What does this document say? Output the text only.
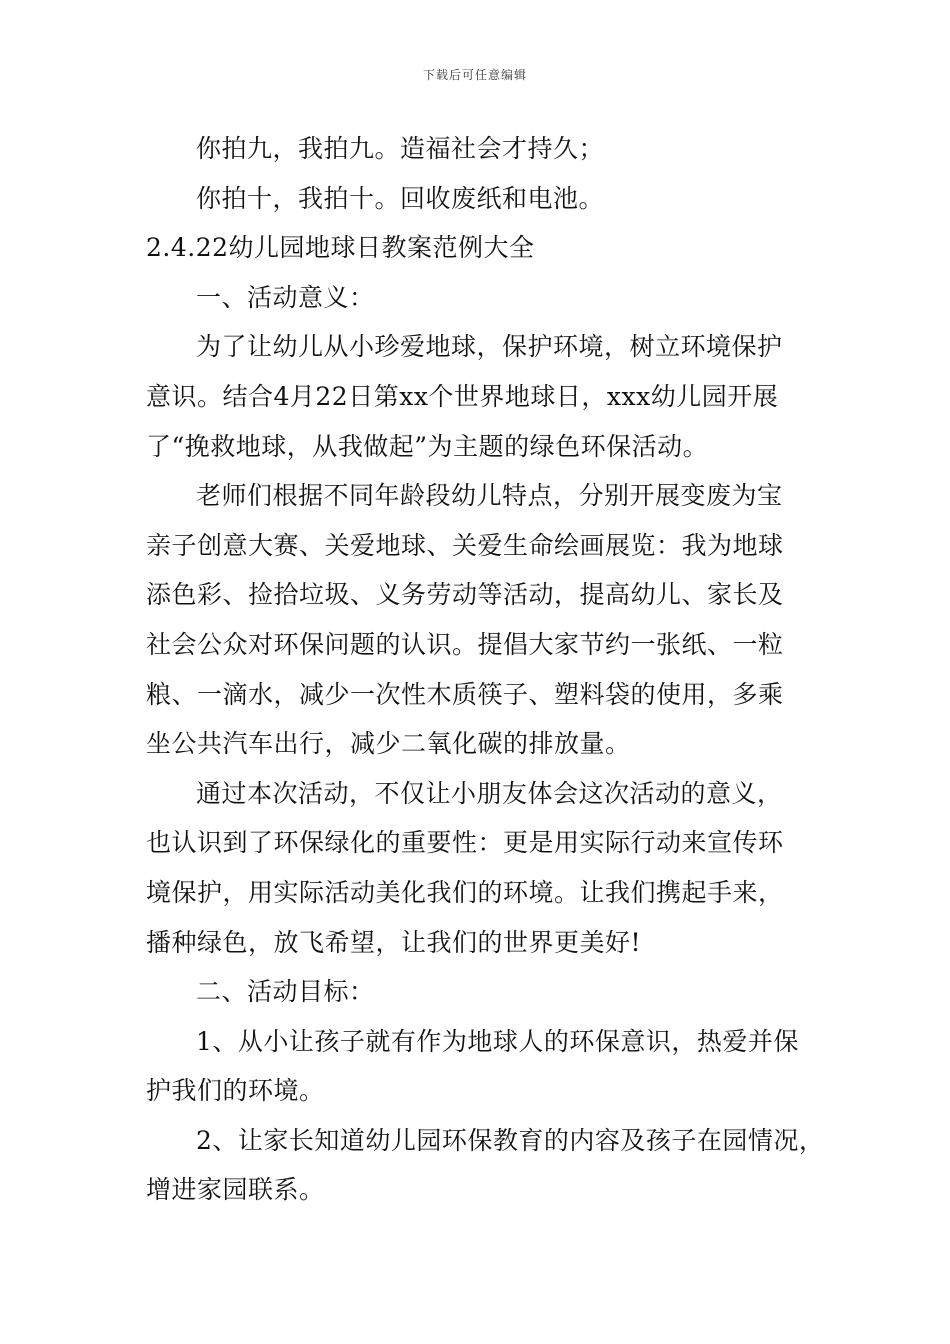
下载后可任意编辑
你拍九，我拍九。造福社会才持久；
你拍十，我拍十。回收废纸和电池。
2.4.22幼儿园地球日教案范例大全
一、活动意义：
为了让幼儿从小珍爱地球，保护环境，树立环境保护
意识。结合4月22日第xx个世界地球日，xxx幼儿园开展
了“挽救地球，从我做起”为主题的绿色环保活动。
老师们根据不同年龄段幼儿特点，分别开展变废为宝
亲子创意大赛、关爱地球、关爱生命绘画展览：我为地球
添色彩、捡拾垃圾、义务劳动等活动，提高幼儿、家长及
社会公众对环保问题的认识。提倡大家节约一张纸、一粒
粮、一滴水，减少一次性木质筷子、塑料袋的使用，多乘
坐公共汽车出行，减少二氧化碳的排放量。
通过本次活动，不仅让小朋友体会这次活动的意义，
也认识到了环保绿化的重要性：更是用实际行动来宣传环
境保护，用实际活动美化我们的环境。让我们携起手来，
播种绿色，放飞希望，让我们的世界更美好!
二、活动目标：
1、从小让孩子就有作为地球人的环保意识，热爱并保
护我们的环境。
2、让家长知道幼儿园环保教育的内容及孩子在园情况，
增进家园联系。
